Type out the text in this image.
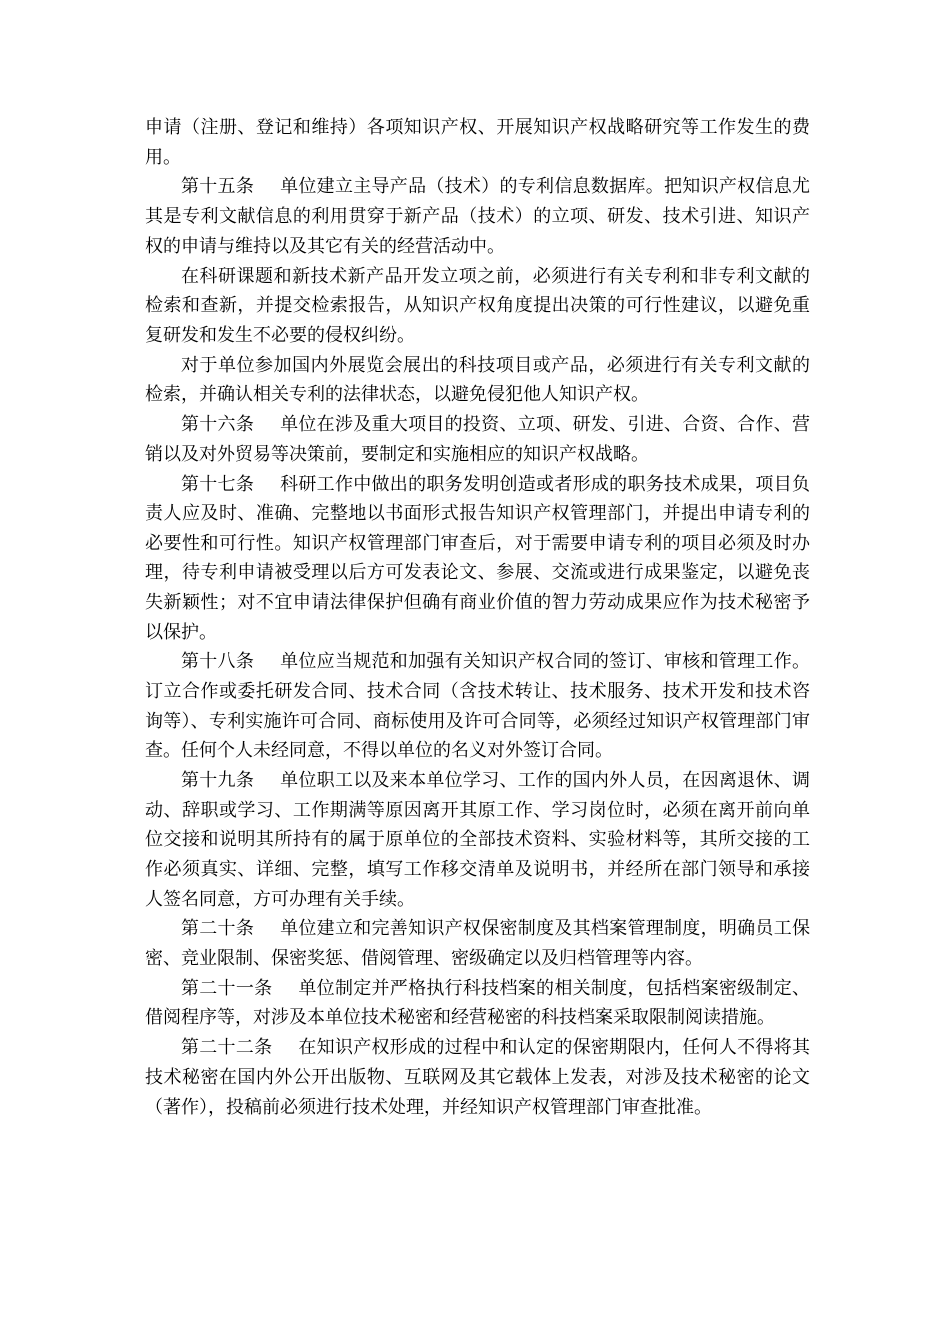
申请（注册、登记和维持）各项知识产权、开展知识产权战略研究等工作发生的费用。

第十五条 单位建立主导产品（技术）的专利信息数据库。把知识产权信息尤其是专利文献信息的利用贯穿于新产品（技术）的立项、研发、技术引进、知识产权的申请与维持以及其它有关的经营活动中。

在科研课题和新技术新产品开发立项之前，必须进行有关专利和非专利文献的检索和查新，并提交检索报告，从知识产权角度提出决策的可行性建议，以避免重复研发和发生不必要的侵权纠纷。

对于单位参加国内外展览会展出的科技项目或产品，必须进行有关专利文献的检索，并确认相关专利的法律状态，以避免侵犯他人知识产权。

第十六条 单位在涉及重大项目的投资、立项、研发、引进、合资、合作、营销以及对外贸易等决策前，要制定和实施相应的知识产权战略。

第十七条 科研工作中做出的职务发明创造或者形成的职务技术成果，项目负责人应及时、准确、完整地以书面形式报告知识产权管理部门，并提出申请专利的必要性和可行性。知识产权管理部门审查后，对于需要申请专利的项目必须及时办理，待专利申请被受理以后方可发表论文、参展、交流或进行成果鉴定，以避免丧失新颖性；对不宜申请法律保护但确有商业价值的智力劳动成果应作为技术秘密予以保护。

第十八条 单位应当规范和加强有关知识产权合同的签订、审核和管理工作。订立合作或委托研发合同、技术合同（含技术转让、技术服务、技术开发和技术咨询等）、专利实施许可合同、商标使用及许可合同等，必须经过知识产权管理部门审查。任何个人未经同意，不得以单位的名义对外签订合同。

第十九条 单位职工以及来本单位学习、工作的国内外人员，在因离退休、调动、辞职或学习、工作期满等原因离开其原工作、学习岗位时，必须在离开前向单位交接和说明其所持有的属于原单位的全部技术资料、实验材料等，其所交接的工作必须真实、详细、完整，填写工作移交清单及说明书，并经所在部门领导和承接人签名同意，方可办理有关手续。

第二十条 单位建立和完善知识产权保密制度及其档案管理制度，明确员工保密、竞业限制、保密奖惩、借阅管理、密级确定以及归档管理等内容。

第二十一条 单位制定并严格执行科技档案的相关制度，包括档案密级制定、借阅程序等，对涉及本单位技术秘密和经营秘密的科技档案采取限制阅读措施。

第二十二条 在知识产权形成的过程中和认定的保密期限内，任何人不得将其技术秘密在国内外公开出版物、互联网及其它载体上发表，对涉及技术秘密的论文（著作），投稿前必须进行技术处理，并经知识产权管理部门审查批准。
